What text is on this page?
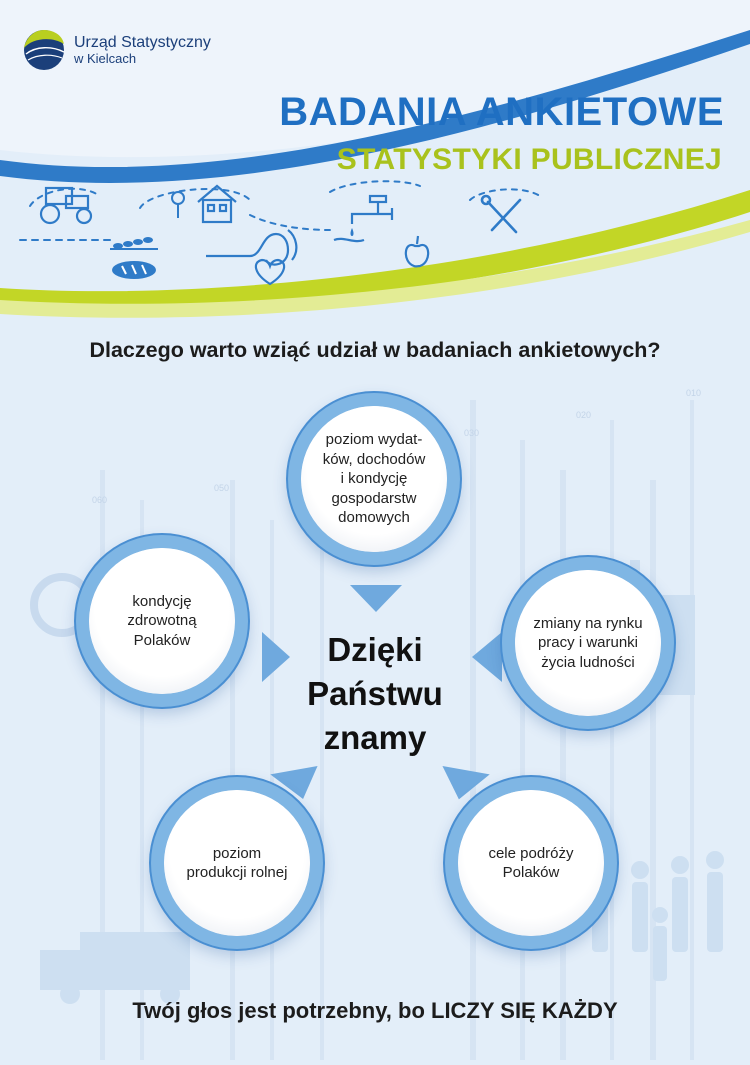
010
020
030
050
060
Urząd Statystyczny
w Kielcach
BADANIA ANKIETOWE
STATYSTYKI PUBLICZNEJ

Dlaczego warto wziąć udział w badaniach ankietowych?

poziom wydat-
ków, dochodów
i kondycję
gospodarstw
domowych
kondycję
zdrowotną
Polaków
zmiany na rynku
pracy i warunki
życia ludności
poziom
produkcji rolnej
cele podróży
Polaków

Dzięki
Państwu
znamy

Twój głos jest potrzebny, bo LICZY SIĘ KAŻDY
